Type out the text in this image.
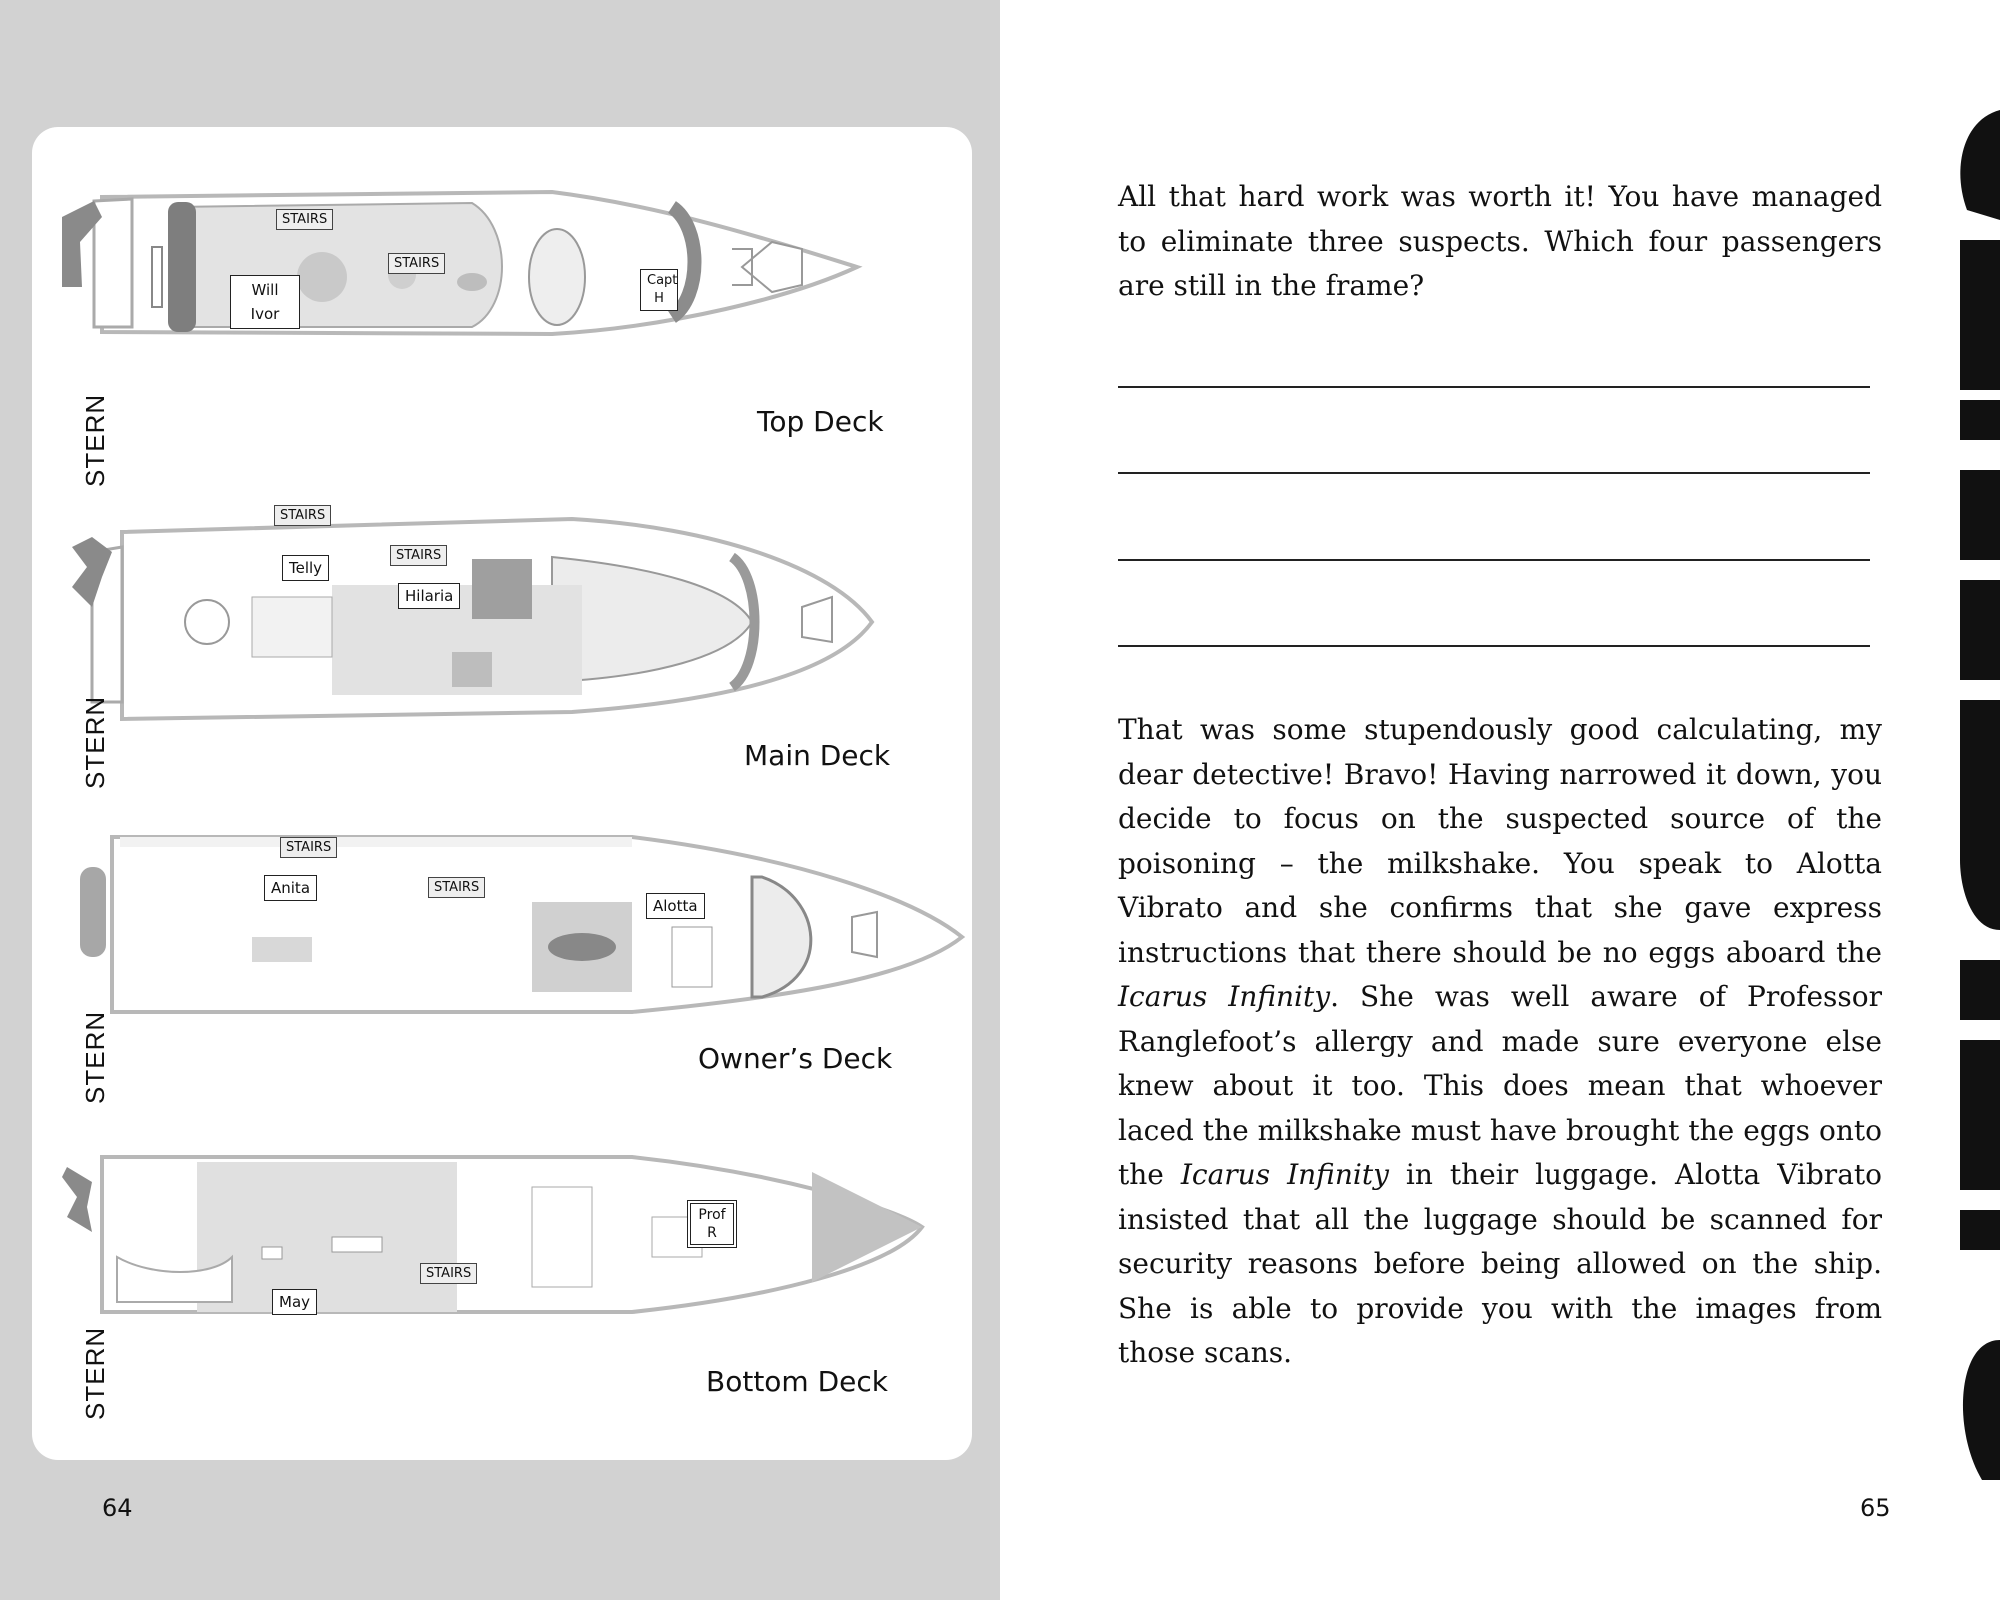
STAIRS
STAIRS
Will
Ivor
Capt
H
STERN	Top Deck
STAIRS
STAIRS
Telly
Hilaria
STERN	Main Deck
STAIRS
STAIRS
Anita
Alotta
STERN	Owner’s Deck
STAIRS
May
Prof
R
STERN	Bottom Deck
64
All that hard work was worth it! You have managed to eliminate three suspects. Which four passengers are still in the frame?
That was some stupendously good calculating, my dear detective! Bravo! Having narrowed it down, you decide to focus on the suspected source of the poisoning – the milkshake. You speak to Alotta Vibrato and she confirms that she gave express instructions that there should be no eggs aboard the Icarus Infinity. She was well aware of Professor Ranglefoot’s allergy and made sure everyone else knew about it too. This does mean that whoever laced the milkshake must have brought the eggs onto the Icarus Infinity in their luggage. Alotta Vibrato insisted that all the luggage should be scanned for security reasons before being allowed on the ship. She is able to provide you with the images from those scans.
65
